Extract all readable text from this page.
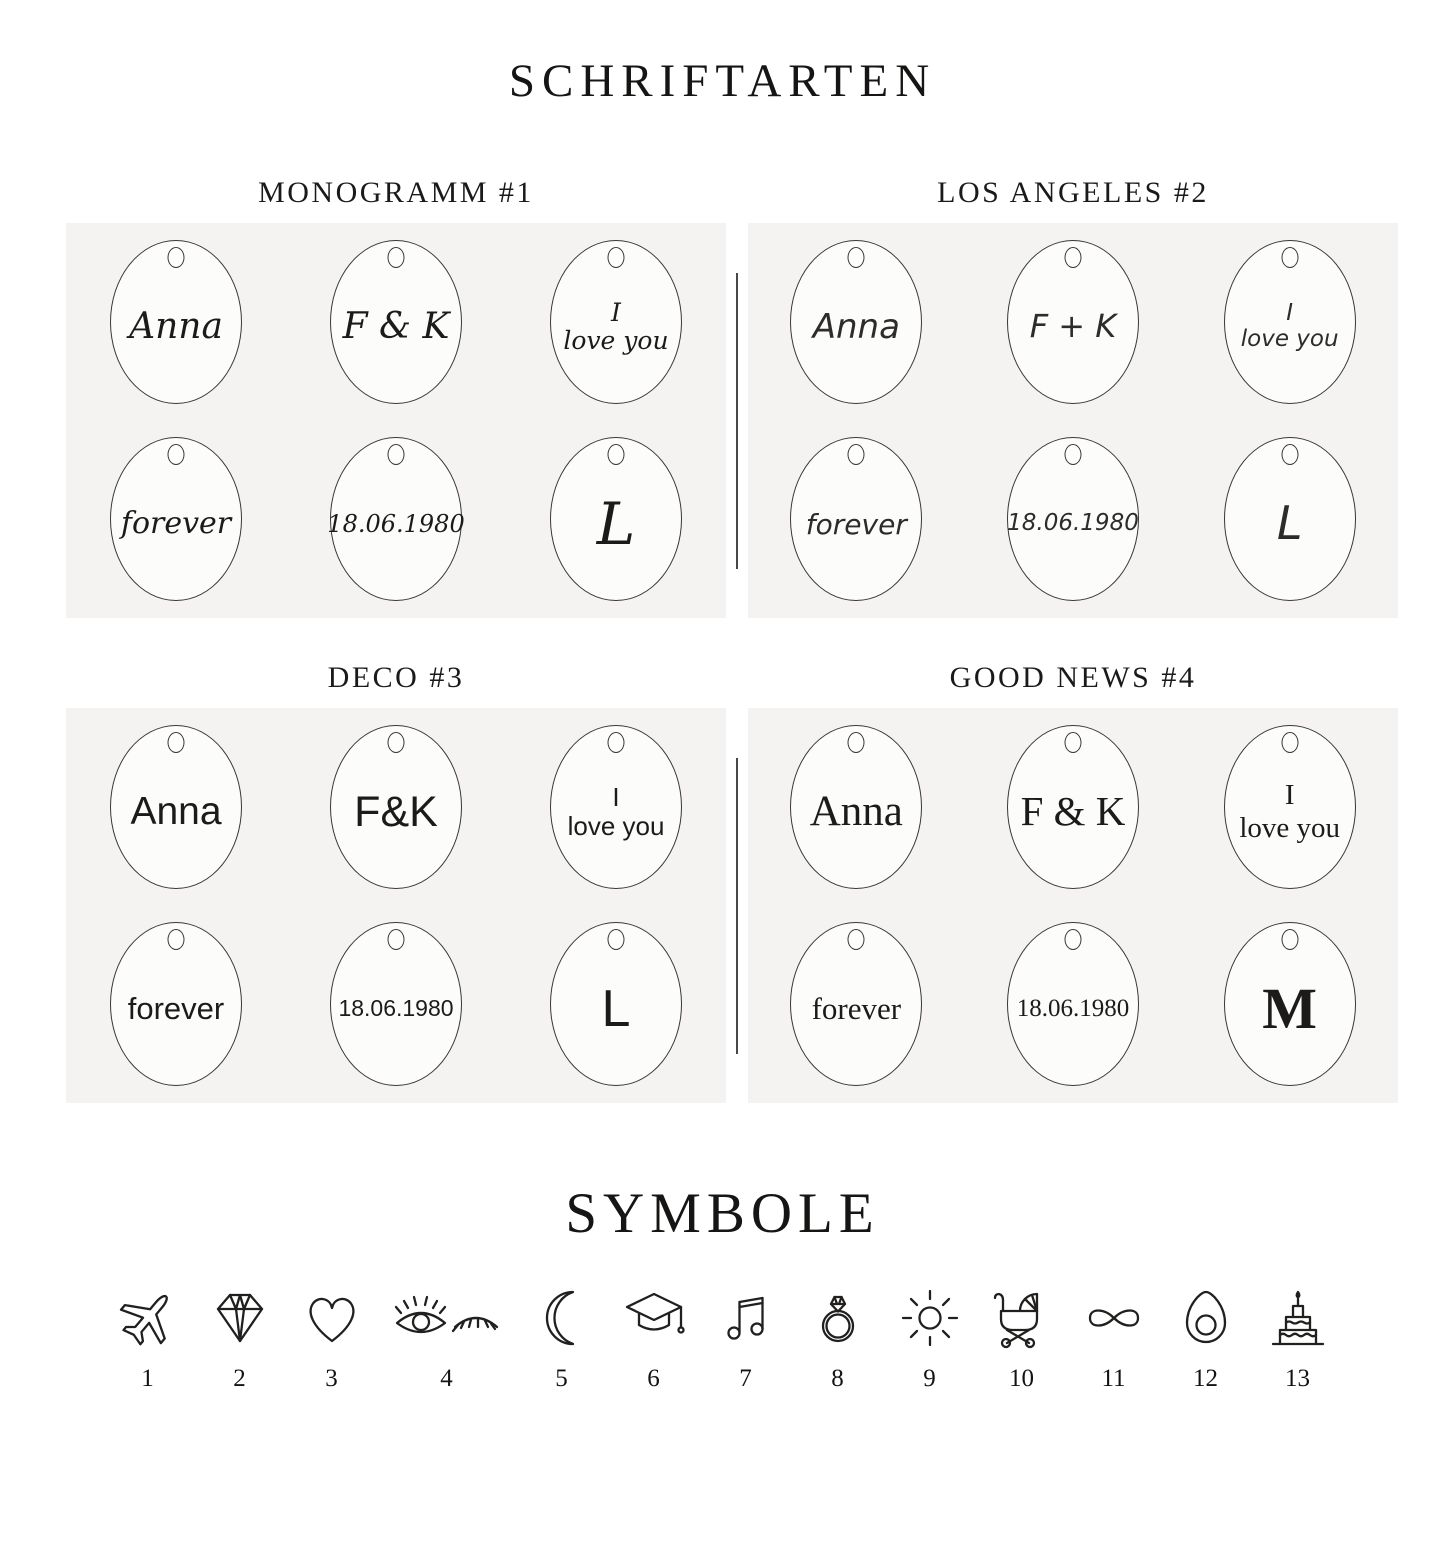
SCHRIFTARTEN
MONOGRAMM #1
Anna	F & K	I
love you
forever	18.06.1980 L
LOS ANGELES #2
Anna	F + K	I
love you
forever	18.06.1980	L
DECO #3
Anna	F&K	I
love you
forever	18.06.1980	L
GOOD NEWS #4
Anna	F & K	I
love you
forever	18.06.1980 M
SYMBOLE
1	2	3	4	5	6	7	8	9	10	11	12	13
